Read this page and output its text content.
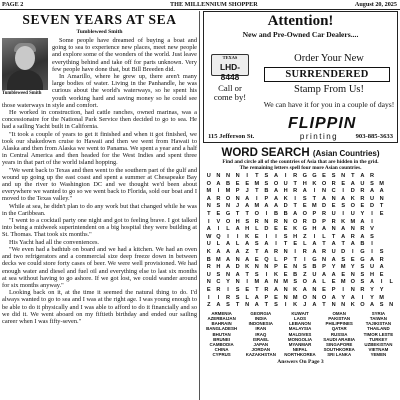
PAGE 2	THE MILLENNIUM SHOPPER	August 20, 2025
SEVEN YEARS AT SEA
Tumbleweed Smith
Tumbleweed Smith

Some people have dreamed of buying a boat and going to sea to experience new places, meet new people and explore some of the wonders of the world. Just leave everything behind and take off for parts unknown. Very few people have done that, but Bill Breeden did.

In Amarillo, where he grew up, there aren't many large bodies of water. Living in the Panhandle, he was curious about the world's waterways, so he spent his youth working hard and saving money so he could see those waterways in style and comfort.

He worked in construction, had cattle ranches, owned marinas, was a concessionaire for the National Park Service then decided to go to sea. He had a sailing Yacht built in California.

"It took a couple of years to get it finished and when it got finished, we took our shakedown cruise to Hawaii and then we went from Hawaii to Alaska and then from Alaska we went to Panama. We spent a year and a half in Central America and then headed for the West Indies and spent three years in that part of the world island hopping.

"We went back to Texas and then went to the southern part of the gulf and wound up going up the east coast and spent a summer at Chesapeake Bay and up the river to Washington DC and we thought we'd been about everywhere we wanted to go so we went back to Florida, sold our boat and I moved to the Texas valley."

While at sea, he didn't plan to do any work but that changed while he was in the Caribbean.

"I went to a cocktail party one night and got to feeling brave. I got talked into being a midweek superintendent on a big hospital they were building at St. Thomas. That took six months."

His Yacht had all the conveniences.

"We even had a bathtub on board and we had a kitchen. We had an oven and two refrigerators and a commercial size deep freeze down in between decks we could store forty cases of beer. We were well provisioned. We had enough water and diesel and fuel oil and everything else to last six months at sea without having to go ashore. If we got lost, we could wander around for six months anyway."

Looking back on it, at the time it seemed the natural thing to do. I'd always wanted to go to sea and I was at the right age. I was young enough to be able to do it physically and I was able to afford to do it financially and so we did it. We went aboard on my fiftieth birthday and ended our sailing career when I was fifty-seven."

Attention!
New and Pre-Owned Car Dealers....
TEXAS
LHD-8448
Call or come by!
Order Your New
SURRENDERED
Stamp From Us!
We can have it for you in a couple of days!
115 Jefferson St.
FLIPPIN
printing	903-885-3633
WORD SEARCH (Asian Countries)
Find and circle all of the countries of Asia that are hidden in the grid.
The remaining letters spell four more Asian countries.
U N N N	I	T	S	A	I	R G G E	S	N	T	A R
O A B	E	E M S O U	T	H K O R	E	A U	S M
M	I	M P	J	T	B A H R A	I	N C	I	D R A A
A R O N A	I	P	A K	I	S	T	A N A K R U N
N	S	N	J	A M A A D	T	E M D	E	S O E	D	T
T	E G	T	T	O	I	B B A O P	R U	I	U	Y	I	E
I	V O H	S	R N R N O R D	P	R K M A	I
A	I	L	A H	L	D	E	E	K G H A N A N R	V
W Q	I	I	K	E	I	I	S	H	Z	I	L	T	A R A	S
U	L	A	L	A	S	A	I	T	E	L	A	T	A	T	A B	I
K A A A	Z	T	A R N	I	R A R U D	I	G	I	S
B M A N A	E Q	L	P	T	I	G N A	S	E G A R
R H A D K N N	P	E	N	S	B	P	Y M Y	S	U A
U	S	N A	T	S	I	K	E	B	Z	U A A	E	N	S	H	E
N C	Y	N	I	M A N M S O A	L	E M O S	A	I	L
E	R	I	S	E	T	R A N K A N	E	P	I	N R	Y	Y
I	I	R	S	L	A	P	E	N M O N O A	Y	A	I	Y M
Z	A	S	T	N A	T	S	I	K	J	A	T	N N K O A	S	N
ARMENIA	GEORGIA	KUWAIT	OMAN	SYRIA
AZERBAIJAN	INDIA	LAOS	PAKISTAN	TAIWAN
BAHRAIN	INDONESIA	LEBANON	PHILIPPINES	TAJIKISTAN
BANGLADESH	IRAN	MALAYSIA	QATAR	THAILAND
BHUTAN	IRAQ	MALDIVES	RUSSIA	TIMOR LESTE
BRUNEI	ISRAEL	MONGOLIA	SAUDI ARABIA	TURKEY
CAMBODIA	JAPAN	MYANMAR	SINGAPORE	UZBEKISTAN
CHINA	JORDAN	NEPAL	SOUTHKOREA	VIETNAM
CYPRUS	KAZAKHSTAN	NORTHKOREA	SRI LANKA	YEMEN
Answers On Page 3
